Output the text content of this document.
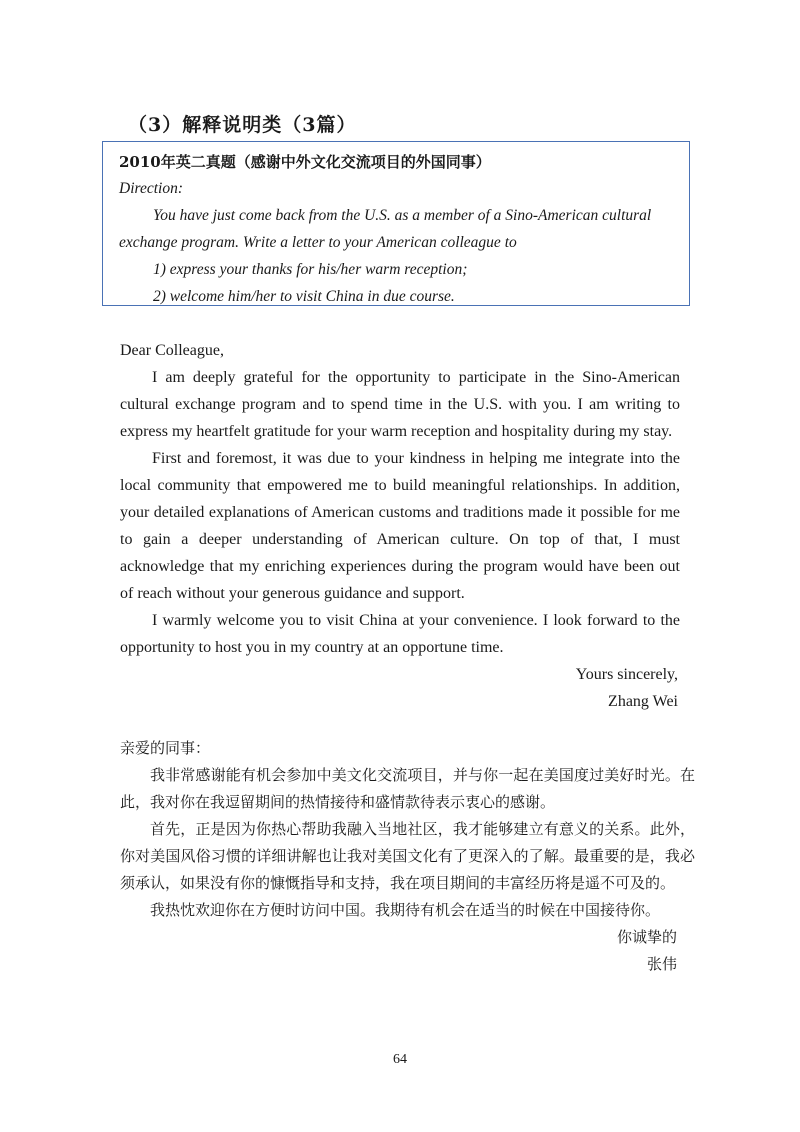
（3）解释说明类（3篇）
2010年英二真题（感谢中外文化交流项目的外国同事）
Direction:
You have just come back from the U.S. as a member of a Sino-American cultural
exchange program. Write a letter to your American colleague to
1) express your thanks for his/her warm reception;
2) welcome him/her to visit China in due course.

Dear Colleague,

I am deeply grateful for the opportunity to participate in the Sino-American cultural exchange program and to spend time in the U.S. with you. I am writing to express my heartfelt gratitude for your warm reception and hospitality during my stay.

First and foremost, it was due to your kindness in helping me integrate into the local community that empowered me to build meaningful relationships. In addition, your detailed explanations of American customs and traditions made it possible for me to gain a deeper understanding of American culture. On top of that, I must acknowledge that my enriching experiences during the program would have been out of reach without your generous guidance and support.

I warmly welcome you to visit China at your convenience. I look forward to the opportunity to host you in my country at an opportune time.

Yours sincerely,
Zhang Wei

亲爱的同事：

我非常感谢能有机会参加中美文化交流项目，并与你一起在美国度过美好时光。在此，我对你在我逗留期间的热情接待和盛情款待表示衷心的感谢。

首先，正是因为你热心帮助我融入当地社区，我才能够建立有意义的关系。此外，你对美国风俗习惯的详细讲解也让我对美国文化有了更深入的了解。最重要的是，我必须承认，如果没有你的慷慨指导和支持，我在项目期间的丰富经历将是遥不可及的。

我热忱欢迎你在方便时访问中国。我期待有机会在适当的时候在中国接待你。

你诚挚的
张伟
64
